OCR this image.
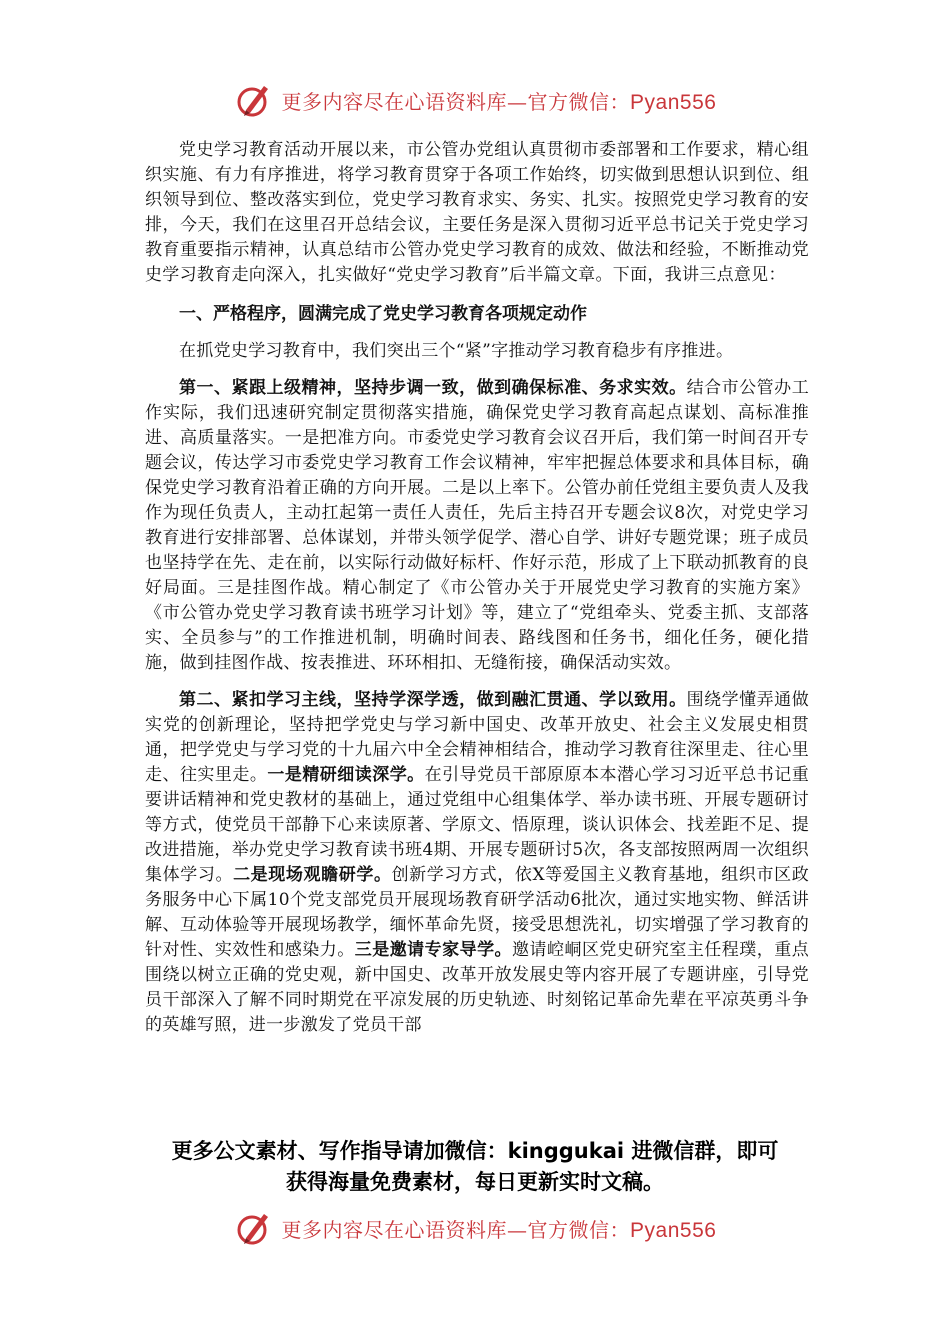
更多内容尽在心语资料库—官方微信：Pyan556

党史学习教育活动开展以来，市公管办党组认真贯彻市委部署和工作要求，精心组织实施、有力有序推进，将学习教育贯穿于各项工作始终，切实做到思想认识到位、组织领导到位、整改落实到位，党史学习教育求实、务实、扎实。按照党史学习教育的安排，今天，我们在这里召开总结会议，主要任务是深入贯彻习近平总书记关于党史学习教育重要指示精神，认真总结市公管办党史学习教育的成效、做法和经验，不断推动党史学习教育走向深入，扎实做好“党史学习教育”后半篇文章。下面，我讲三点意见：

一、严格程序，圆满完成了党史学习教育各项规定动作

在抓党史学习教育中，我们突出三个“紧”字推动学习教育稳步有序推进。

第一、紧跟上级精神，坚持步调一致，做到确保标准、务求实效。结合市公管办工作实际，我们迅速研究制定贯彻落实措施，确保党史学习教育高起点谋划、高标准推进、高质量落实。一是把准方向。市委党史学习教育会议召开后，我们第一时间召开专题会议，传达学习市委党史学习教育工作会议精神，牢牢把握总体要求和具体目标，确保党史学习教育沿着正确的方向开展。二是以上率下。公管办前任党组主要负责人及我作为现任负责人，主动扛起第一责任人责任，先后主持召开专题会议8次，对党史学习教育进行安排部署、总体谋划，并带头领学促学、潜心自学、讲好专题党课；班子成员也坚持学在先、走在前，以实际行动做好标杆、作好示范，形成了上下联动抓教育的良好局面。三是挂图作战。精心制定了《市公管办关于开展党史学习教育的实施方案》《市公管办党史学习教育读书班学习计划》等，建立了“党组牵头、党委主抓、支部落实、全员参与”的工作推进机制，明确时间表、路线图和任务书，细化任务，硬化措施，做到挂图作战、按表推进、环环相扣、无缝衔接，确保活动实效。

第二、紧扣学习主线，坚持学深学透，做到融汇贯通、学以致用。围绕学懂弄通做实党的创新理论，坚持把学党史与学习新中国史、改革开放史、社会主义发展史相贯通，把学党史与学习党的十九届六中全会精神相结合，推动学习教育往深里走、往心里走、往实里走。一是精研细读深学。在引导党员干部原原本本潜心学习习近平总书记重要讲话精神和党史教材的基础上，通过党组中心组集体学、举办读书班、开展专题研讨等方式，使党员干部静下心来读原著、学原文、悟原理，谈认识体会、找差距不足、提改进措施，举办党史学习教育读书班4期、开展专题研讨5次，各支部按照两周一次组织集体学习。二是现场观瞻研学。创新学习方式，依X等爱国主义教育基地，组织市区政务服务中心下属10个党支部党员开展现场教育研学活动6批次，通过实地实物、鲜活讲解、互动体验等开展现场教学，缅怀革命先贤，接受思想洗礼，切实增强了学习教育的针对性、实效性和感染力。三是邀请专家导学。邀请崆峒区党史研究室主任程璞，重点围绕以树立正确的党史观，新中国史、改革开放发展史等内容开展了专题讲座，引导党员干部深入了解不同时期党在平凉发展的历史轨迹、时刻铭记革命先辈在平凉英勇斗争的英雄写照，进一步激发了党员干部

更多公文素材、写作指导请加微信：kinggukai 进微信群，即可
获得海量免费素材，每日更新实时文稿。
更多内容尽在心语资料库—官方微信：Pyan556
